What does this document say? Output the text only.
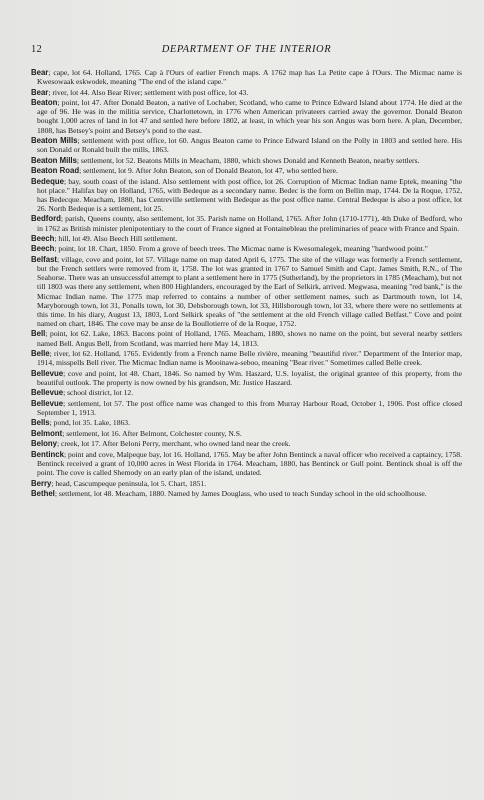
12	DEPARTMENT OF THE INTERIOR

Bear; cape, lot 64. Holland, 1765. Cap à l'Ours of earlier French maps. A 1762 map has La Petite cape à l'Ours. The Micmac name is Kwesowaak eskwodek, meaning "The end of the island cape."

Bear; river, lot 44. Also Bear River; settlement with post office, lot 43.

Beaton; point, lot 47. After Donald Beaton, a native of Lochaber, Scotland, who came to Prince Edward Island about 1774. He died at the age of 96. He was in the militia service, Charlottetown, in 1776 when American privateers carried away the governor. Donald Beaton bought 1,000 acres of land in lot 47 and settled here before 1802, at least, in which year his son Angus was born here. A plan, December, 1808, has Betsey's point and Betsey's pond to the east.

Beaton Mills; settlement with post office, lot 60. Angus Beaton came to Prince Edward Island on the Polly in 1803 and settled here. His son Donald or Ronald built the mills, 1863.

Beaton Mills; settlement, lot 52. Beatons Mills in Meacham, 1880, which shows Donald and Kenneth Beaton, nearby settlers.

Beaton Road; settlement, lot 9. After John Beaton, son of Donald Beaton, lot 47, who settled here.

Bedeque; bay, south coast of the island. Also settlement with post office, lot 26. Corruption of Micmac Indian name Eptek, meaning "the hot place." Halifax bay on Holland, 1765, with Bedeque as a secondary name. Bedec is the form on Bellin map, 1744. De la Roque, 1752, has Bedecque. Meacham, 1880, has Centreville settlement with Bedeque as the post office name. Central Bedeque is also a post office, lot 26. North Bedeque is a settlement, lot 25.

Bedford; parish, Queens county, also settlement, lot 35. Parish name on Holland, 1765. After John (1710-1771), 4th Duke of Bedford, who in 1762 as British minister plenipotentiary to the court of France signed at Fontainebleau the preliminaries of peace with France and Spain.

Beech; hill, lot 49. Also Beech Hill settlement.

Beech; point, lot 18. Chart, 1850. From a grove of beech trees. The Micmac name is Kwesomalegek, meaning "hardwood point."

Belfast; village, cove and point, lot 57. Village name on map dated April 6, 1775. The site of the village was formerly a French settlement, but the French settlers were removed from it, 1758. The lot was granted in 1767 to Samuel Smith and Capt. James Smith, R.N., of The Seahorse. There was an unsuccessful attempt to plant a settlement here in 1775 (Sutherland), by the proprietors in 1785 (Meacham), but not till 1803 was there any settlement, when 800 Highlanders, encouraged by the Earl of Selkirk, arrived. Megwasa, meaning "red bank," is the Micmac Indian name. The 1775 map referred to contains a number of other settlement names, such as Dartmouth town, lot 14, Maryborough town, lot 31, Ponalls town, lot 30, Debsborough town, lot 33, Hillsborough town, lot 33, where there were no settlements at this time. In his diary, August 13, 1803, Lord Selkirk speaks of "the settlement at the old French village called Belfast." Cove and point named on chart, 1846. The cove may be anse de la Boullotierre of de la Roque, 1752.

Bell; point, lot 62. Lake, 1863. Bacons point of Holland, 1765. Meacham, 1880, shows no name on the point, but several nearby settlers named Bell. Angus Bell, from Scotland, was married here May 14, 1813.

Belle; river, lot 62. Holland, 1765. Evidently from a French name Belle rivière, meaning "beautiful river." Department of the Interior map, 1914, misspells Bell river. The Micmac Indian name is Mooinawa-seboo, meaning "Bear river." Sometimes called Belle creek.

Bellevue; cove and point, lot 48. Chart, 1846. So named by Wm. Haszard, U.S. loyalist, the original grantee of this property, from the beautiful outlook. The property is now owned by his grandson, Mr. Justice Haszard.

Bellevue; school district, lot 12.

Bellevue; settlement, lot 57. The post office name was changed to this from Murray Harbour Road, October 1, 1906. Post office closed September 1, 1913.

Bells; pond, lot 35. Lake, 1863.

Belmont; settlement, lot 16. After Belmont, Colchester county, N.S.

Belony; creek, lot 17. After Beloni Perry, merchant, who owned land near the creek.

Bentinck; point and cove, Malpeque bay, lot 16. Holland, 1765. May be after John Bentinck a naval officer who received a captaincy, 1758. Bentinck received a grant of 10,000 acres in West Florida in 1764. Meacham, 1880, has Bentinck or Gull point. Bentinck shoal is off the point. The cove is called Shemody on an early plan of the island, undated.

Berry; head, Cascumpeque peninsula, lot 5. Chart, 1851.

Bethel; settlement, lot 48. Meacham, 1880. Named by James Douglass, who used to teach Sunday school in the old schoolhouse.
